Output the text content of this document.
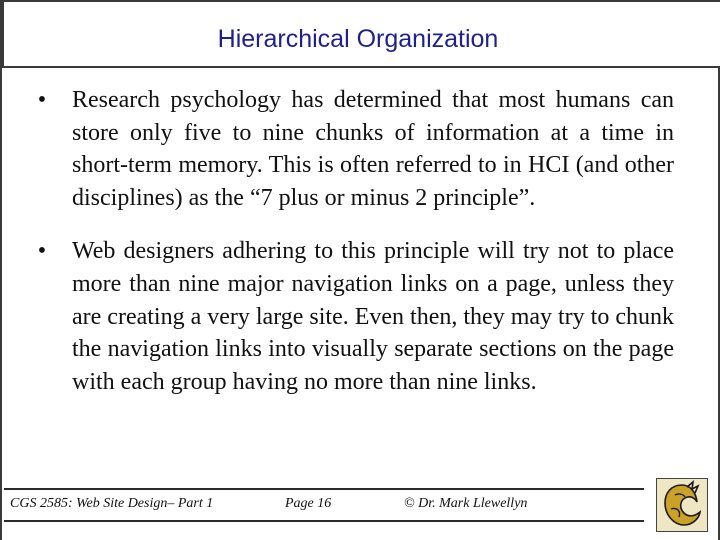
Hierarchical Organization
•	Research psychology has determined that most humans can store only five to nine chunks of information at a time in short-term memory. This is often referred to in HCI (and other disciplines) as the “7 plus or minus 2 principle”.
•	Web designers adhering to this principle will try not to place more than nine major navigation links on a page, unless they are creating a very large site. Even then, they may try to chunk the navigation links into visually separate sections on the page with each group having no more than nine links.
CGS 2585: Web Site Design– Part 1	Page 16	© Dr. Mark Llewellyn
